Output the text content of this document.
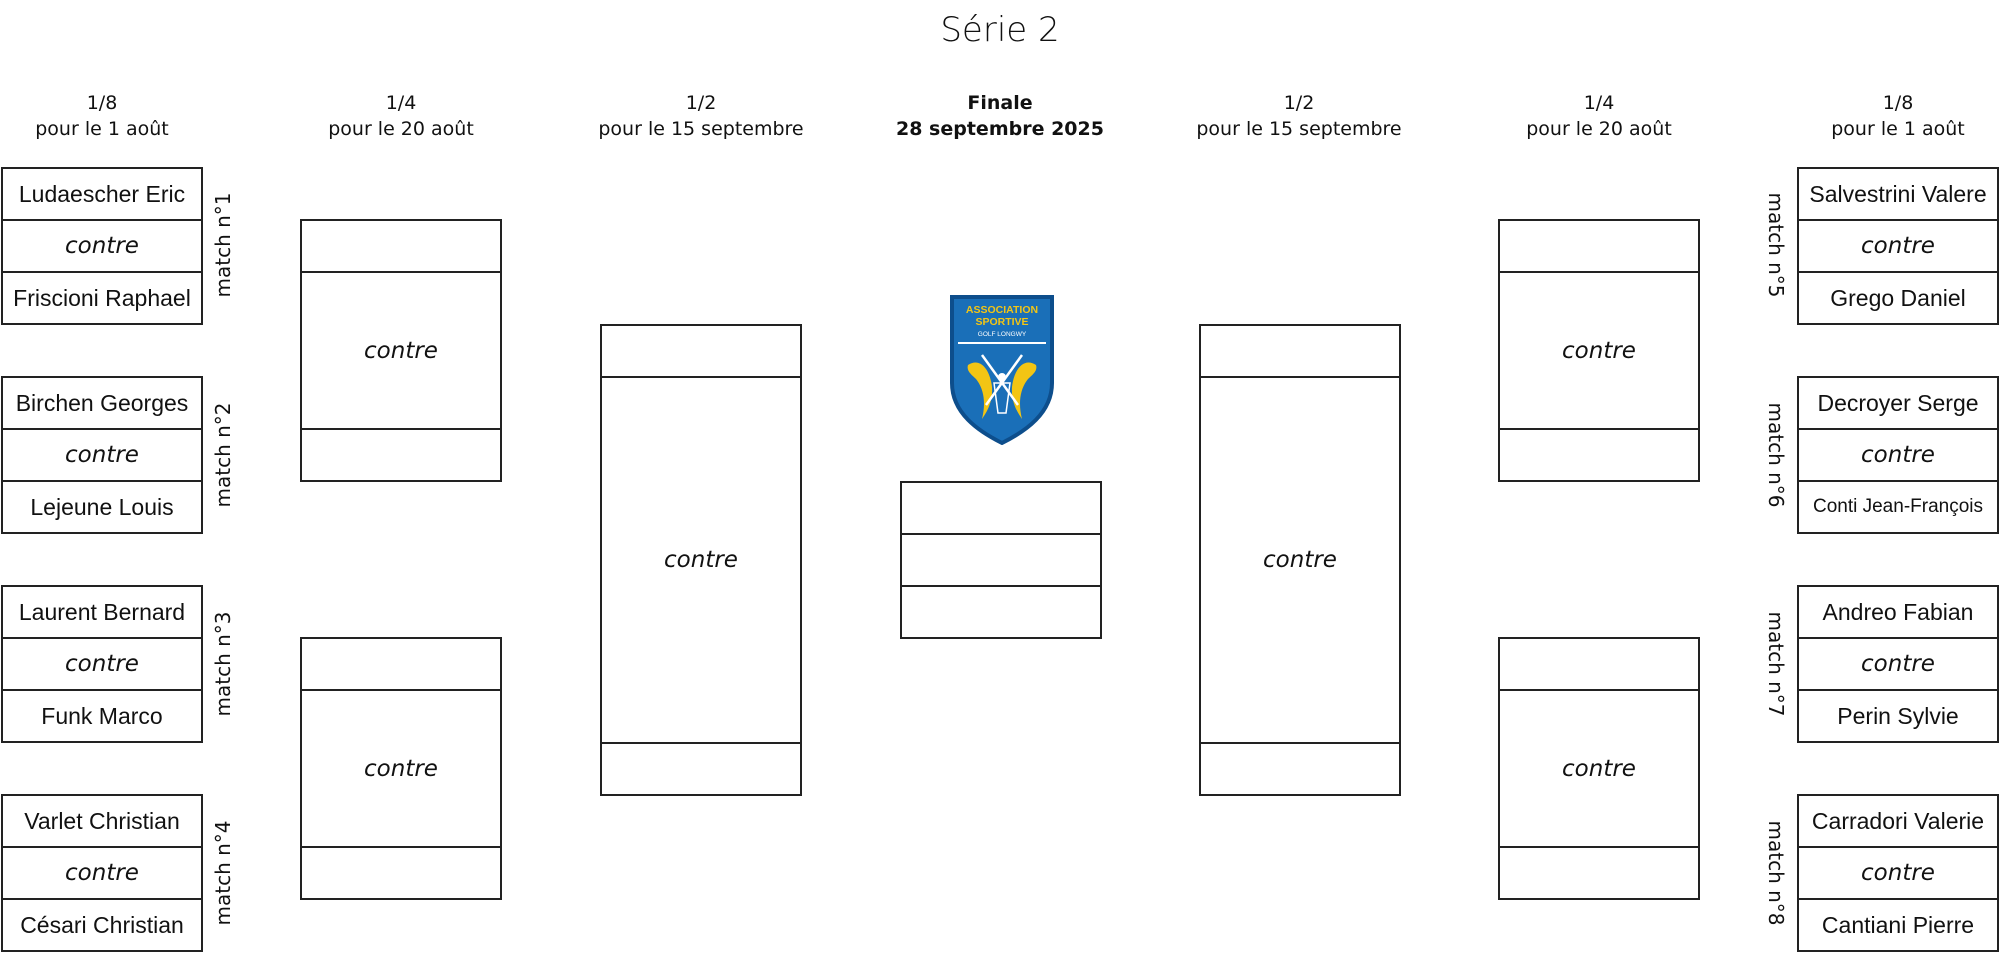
Série 2
1/8
pour le 1 août
1/4
pour le 20 août
1/2
pour le 15 septembre
Finale
28 septembre 2025
1/2
pour le 15 septembre
1/4
pour le 20 août
1/8
pour le 1 août
Ludaescher Eric
contre
Friscioni Raphael match n°1
Birchen Georges
contre
Lejeune Louis match n°2
Laurent Bernard
contre
Funk Marco match n°3
Varlet Christian
contre
Césari Christian match n°4
contre
contre
contre
ASSOCIATION
SPORTIVE
GOLF LONGWY
contre
contre
contre
Salvestrini Valere
contre
Grego Daniel
match n°5
Decroyer Serge
contre
Conti Jean-François
match n°6
Andreo Fabian
contre
Perin Sylvie
match n°7
Carradori Valerie
contre
Cantiani Pierre
match n°8
